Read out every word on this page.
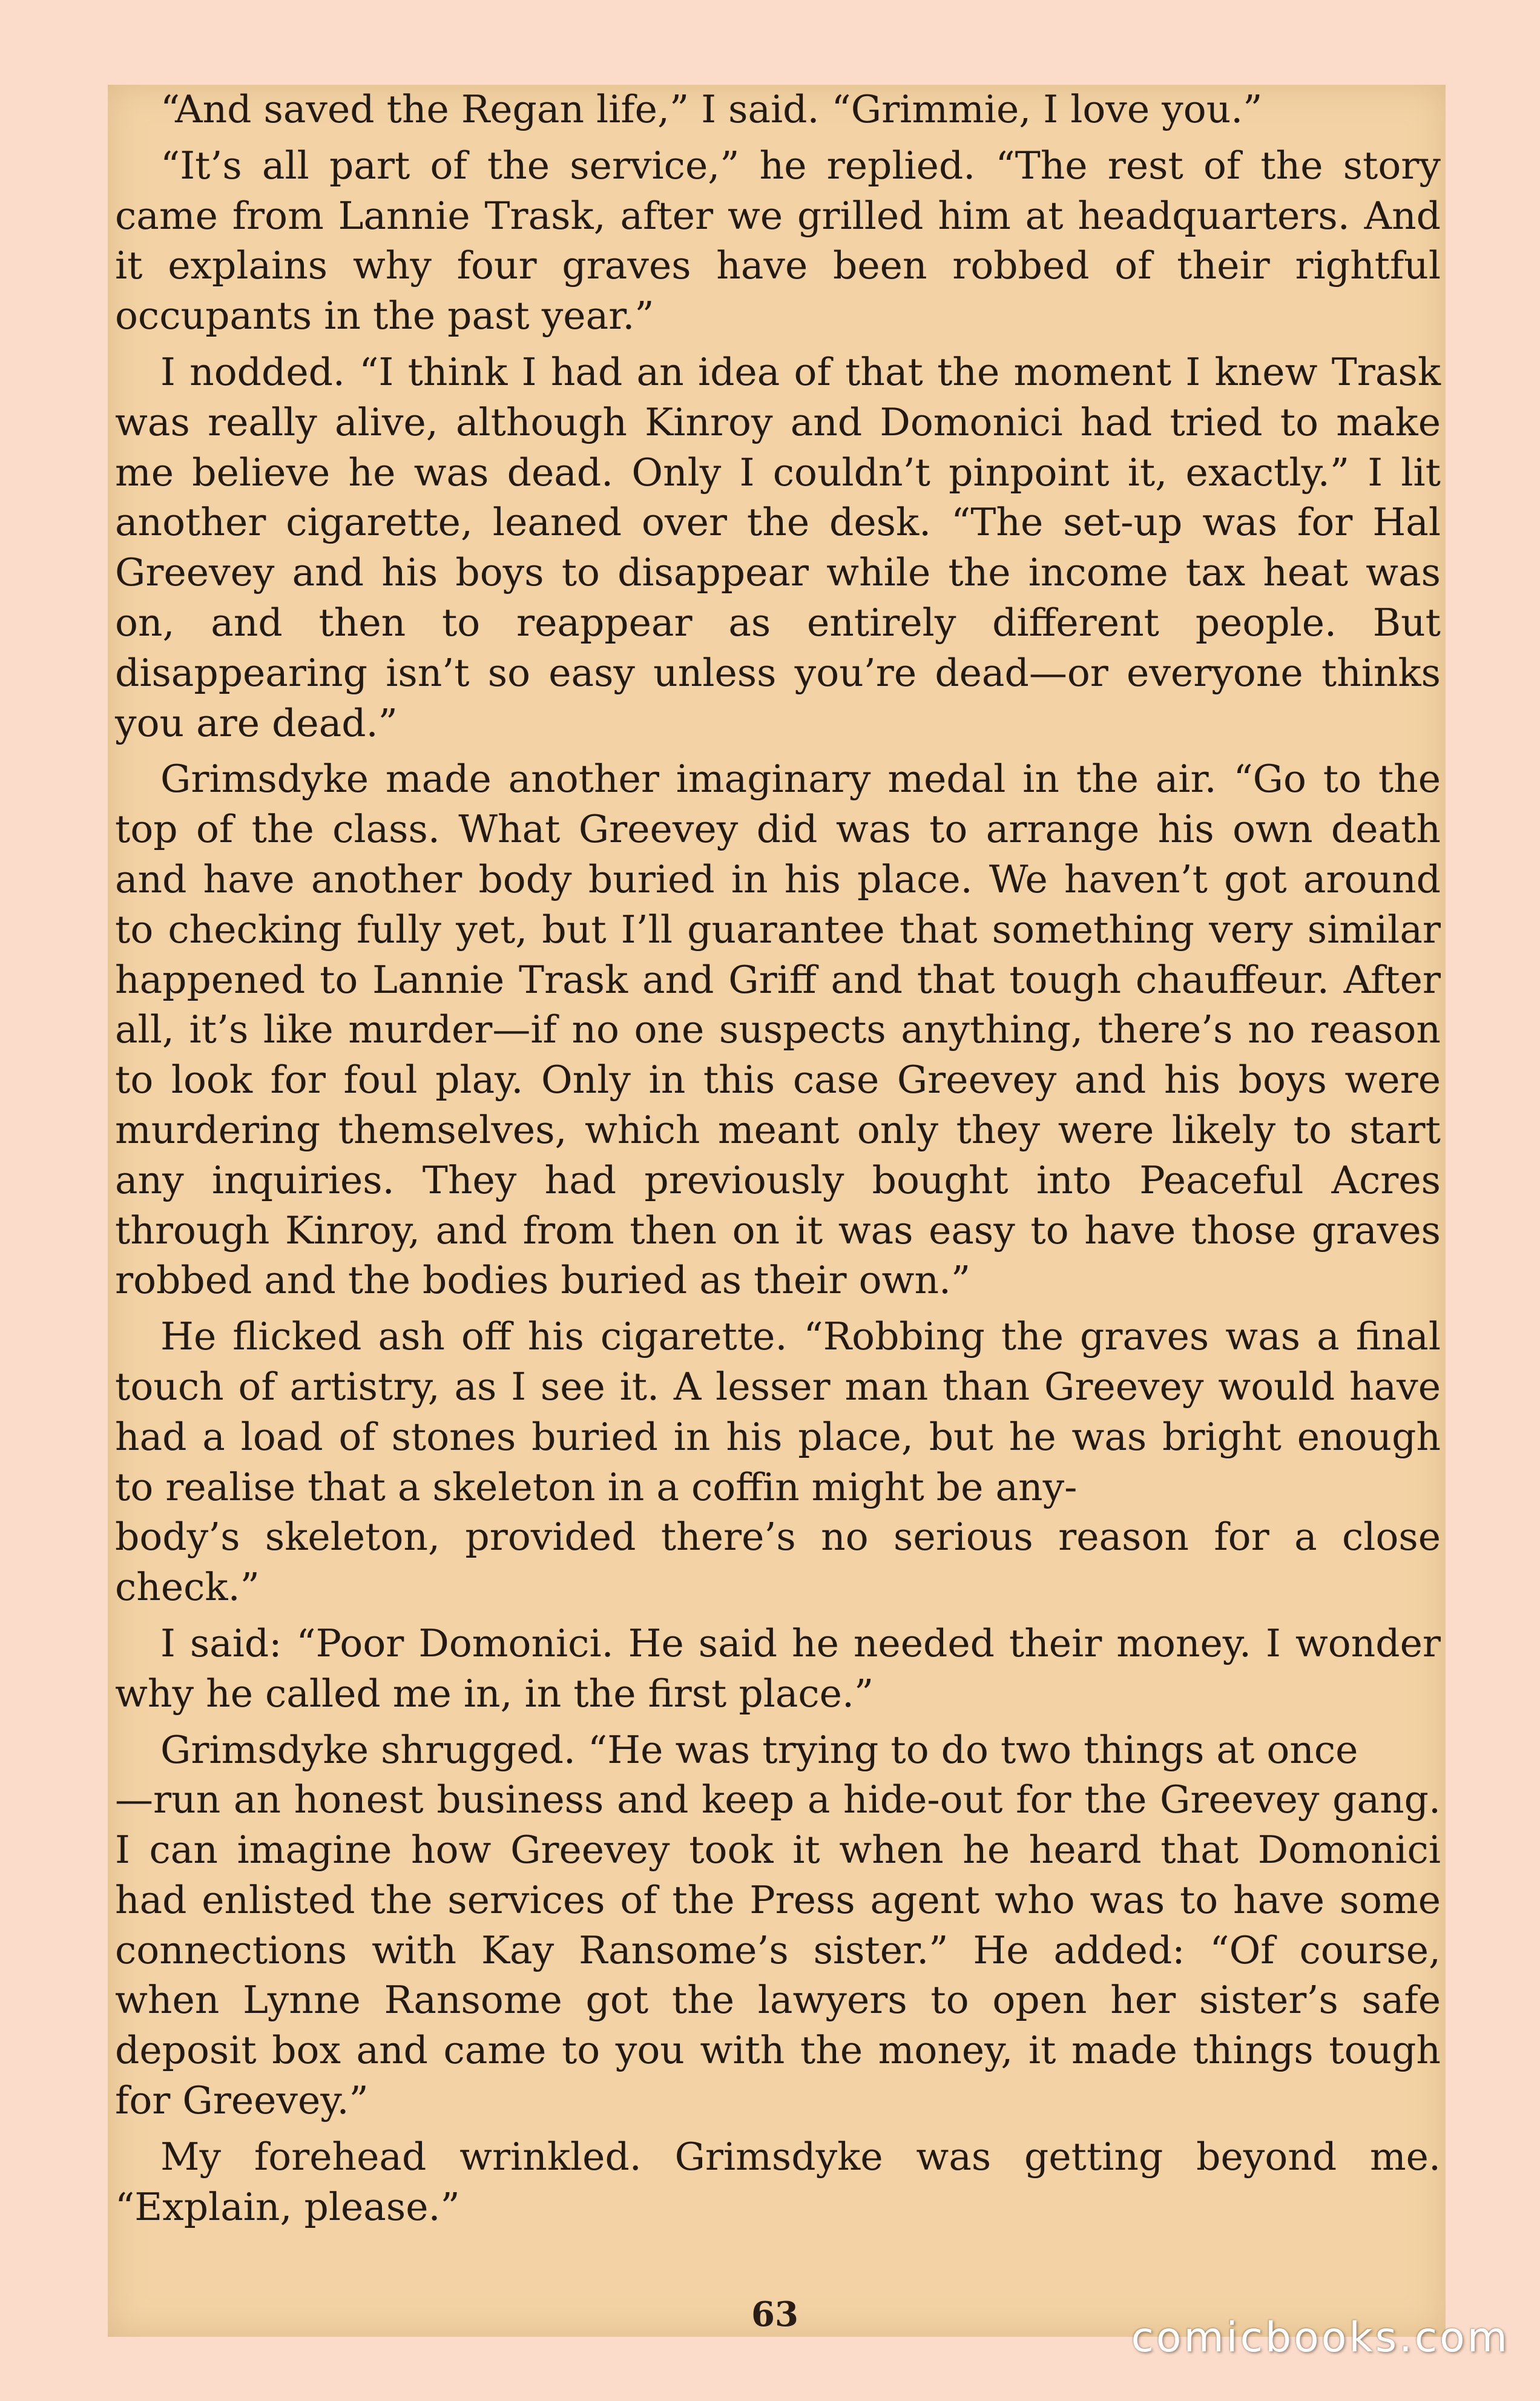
“And saved the Regan life,” I said. “Grimmie, I love you.”

“It’s all part of the service,” he replied. “The rest of the story came from Lannie Trask, after we grilled him at headquarters. And it explains why four graves have been robbed of their rightful occupants in the past year.”

I nodded. “I think I had an idea of that the moment I knew Trask was really alive, although Kinroy and Domonici had tried to make me believe he was dead. Only I couldn’t pinpoint it, exactly.” I lit another cigarette, leaned over the desk. “The set-up was for Hal Greevey and his boys to disappear while the income tax heat was on, and then to reappear as entirely different people. But disappearing isn’t so easy unless you’re dead—or everyone thinks you are dead.”

Grimsdyke made another imaginary medal in the air. “Go to the top of the class. What Greevey did was to arrange his own death and have another body buried in his place. We haven’t got around to checking fully yet, but I’ll guarantee that something very similar happened to Lannie Trask and Griff and that tough chauffeur. After all, it’s like murder—if no one suspects anything, there’s no reason to look for foul play. Only in this case Greevey and his boys were murdering themselves, which meant only they were likely to start any inquiries. They had previously bought into Peaceful Acres through Kinroy, and from then on it was easy to have those graves robbed and the bodies buried as their own.”

He flicked ash off his cigarette. “Robbing the graves was a final touch of artistry, as I see it. A lesser man than Greevey would have had a load of stones buried in his place, but he was bright enough to realise that a skeleton in a coffin might be any-
body’s skeleton, provided there’s no serious reason for a close check.”

I said: “Poor Domonici. He said he needed their money. I wonder why he called me in, in the first place.”

Grimsdyke shrugged. “He was trying to do two things at once
—run an honest business and keep a hide-out for the Greevey gang. I can imagine how Greevey took it when he heard that Domonici had enlisted the services of the Press agent who was to have some connections with Kay Ransome’s sister.” He added: “Of course, when Lynne Ransome got the lawyers to open her sister’s safe deposit box and came to you with the money, it made things tough for Greevey.”

My forehead wrinkled. Grimsdyke was getting beyond me. “Explain, please.”

63	comicbooks.com
